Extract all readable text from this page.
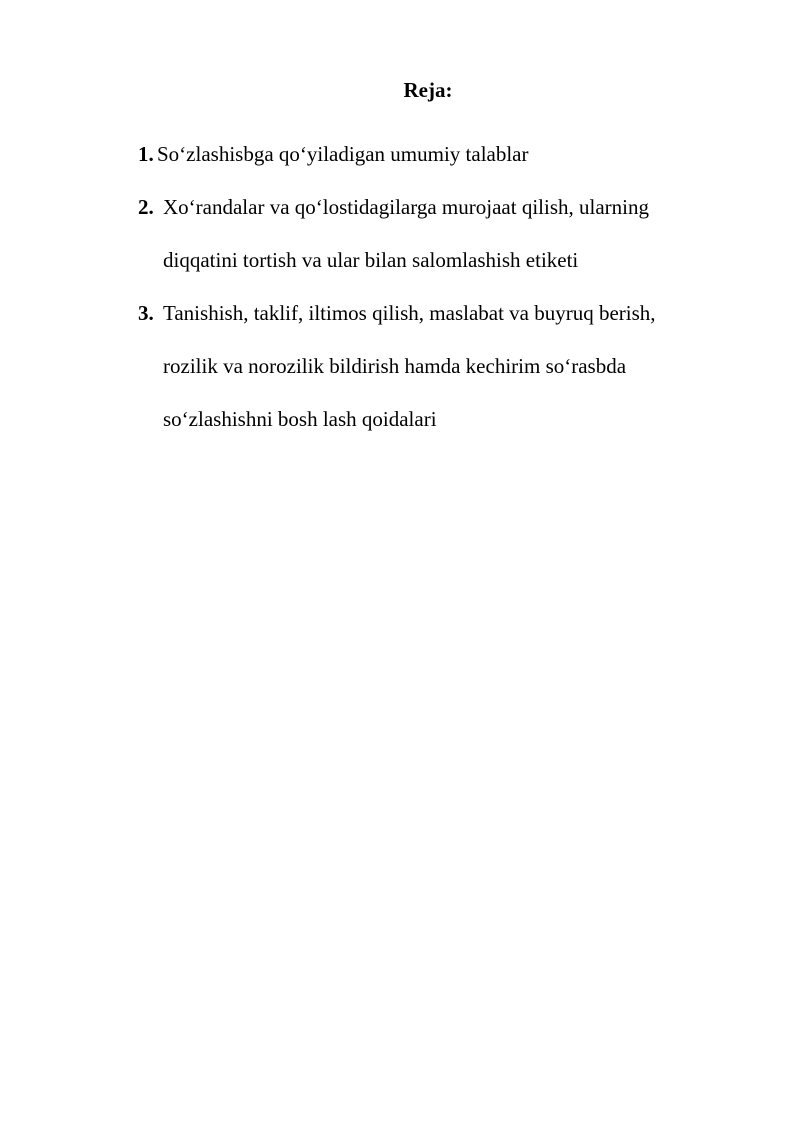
Reja:
1. So‘zlashisbga qo‘yiladigan umumiy talablar
2. Xo‘randalar va qo‘lostidagilarga murojaat qilish, ularning
diqqatini tortish va ular bilan salomlashish etiketi
3. Tanishish, taklif, iltimos qilish, maslabat va buyruq berish,
rozilik va norozilik bildirish hamda kechirim so‘rasbda
so‘zlashishni bosh lash qoidalari
